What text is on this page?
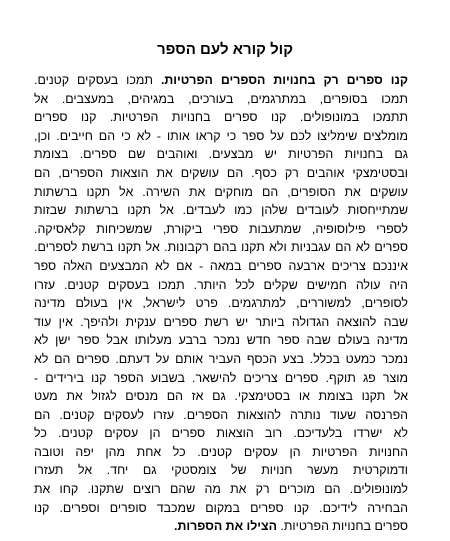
קול קורא לעם הספר
קנו ספרים רק בחנויות הספרים הפרטיות. תמכו בעסקים קטנים.
תמכו בסופרים, במתרגמים, בעורכים, במגיהים, במעצבים. אל
תתמכו במונופולים. קנו ספרים בחנויות הפרטיות. קנו ספרים
מומלצים שימליצו לכם על ספר כי קראו אותו - לא כי הם חייבים. וכן,
גם בחנויות הפרטיות יש מבצעים. ואוהבים שם ספרים. בצומת
ובסטימצקי אוהבים רק כסף. הם עושקים את הוצאות הספרים, הם
עושקים את הסופרים, הם מוחקים את השירה. אל תקנו ברשתות
שמתייחסות לעובדים שלהן כמו לעבדים. אל תקנו ברשתות שבזות
לספרי פילוסופיה, שמתעבות ספרי ביקורת, שמשכיחות קלאסיקה.
ספרים לא הם עגבניות ולא תקנו בהם רקבונות. אל תקנו ברשת לספרים.
איננכם צריכים ארבעה ספרים במאה - אם לא המבצעים האלה ספר
היה עולה חמישים שקלים לכל היותר. תמכו בעסקים קטנים. עזרו
לסופרים, למשוררים, למתרגמים. פרט לישראל, אין בעולם מדינה
שבה להוצאה הגדולה ביותר יש רשת ספרים ענקית ולהיפך. אין עוד
מדינה בעולם שבה ספר חדש נמכר ברבע מעלותו אבל ספר ישן לא
נמכר כמעט בכלל. בצע הכסף העביר אותם על דעתם. ספרים הם לא
מוצר פג תוקף. ספרים צריכים להישאר. בשבוע הספר קנו בירידים -
אל תקנו בצומת או בסטימצקי. גם אז הם מנסים לגזול את מעט
הפרנסה שעוד נותרה להוצאות הספרים. עזרו לעסקים קטנים. הם
לא ישרדו בלעדיכם. רוב הוצאות ספרים הן עסקים קטנים. כל
החנויות הפרטיות הן עסקים קטנים. כל אחת מהן יפה וטובה
ודמוקרטית מעשר חנויות של צומסטקי גם יחד. אל תעזרו
למונופולים. הם מוכרים רק את מה שהם רוצים שתקנו. קחו את
הבחירה לידיכם. קנו ספרים במקום שמכבד סופרים וספרים. קנו
ספרים בחנויות הפרטיות. הצילו את הספרות.
